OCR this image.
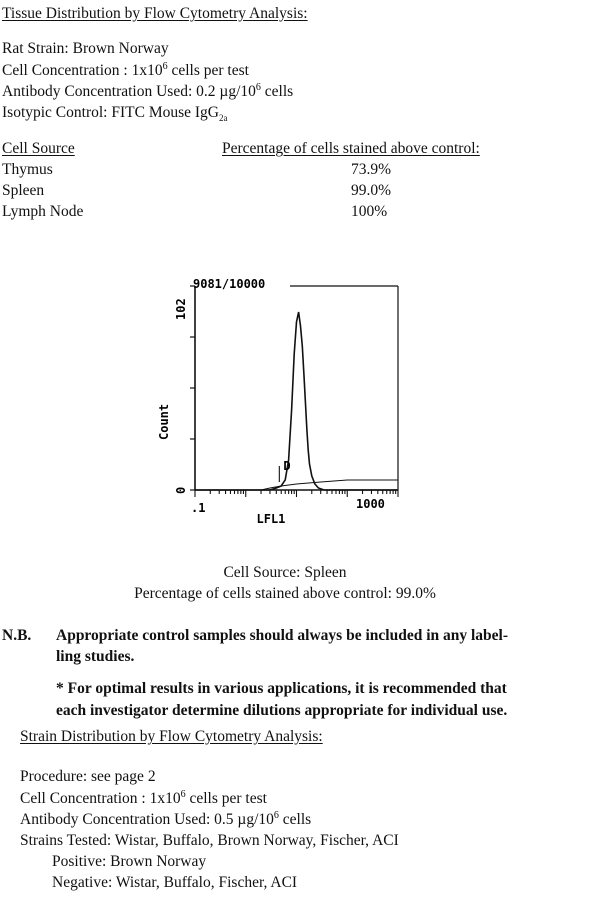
Tissue Distribution by Flow Cytometry Analysis:
Rat Strain: Brown Norway
Cell Concentration : $1x10^6$ cells per test
Antibody Concentration Used: 0.2 $\mu g/10^6$ cells
Isotypic Control: FITC Mouse IgG$_{2a}$
Cell Source	Percentage of cells stained above control:
Thymus	73.9%
Spleen	99.0%
Lymph Node	100%
D
9081/10000
.1	1000
0
102
LFL1
Count
Cell Source: Spleen
Percentage of cells stained above control: 99.0%
N.B. Appropriate control samples should always be included in any label-
ling studies.
* For optimal results in various applications, it is recommended that
each investigator determine dilutions appropriate for individual use.
Strain Distribution by Flow Cytometry Analysis:
Procedure: see page 2
Cell Concentration : $1x10^6$ cells per test
Antibody Concentration Used: 0.5 $\mu g/10^6$ cells
Strains Tested: Wistar, Buffalo, Brown Norway, Fischer, ACI
Positive: Brown Norway
Negative: Wistar, Buffalo, Fischer, ACI
